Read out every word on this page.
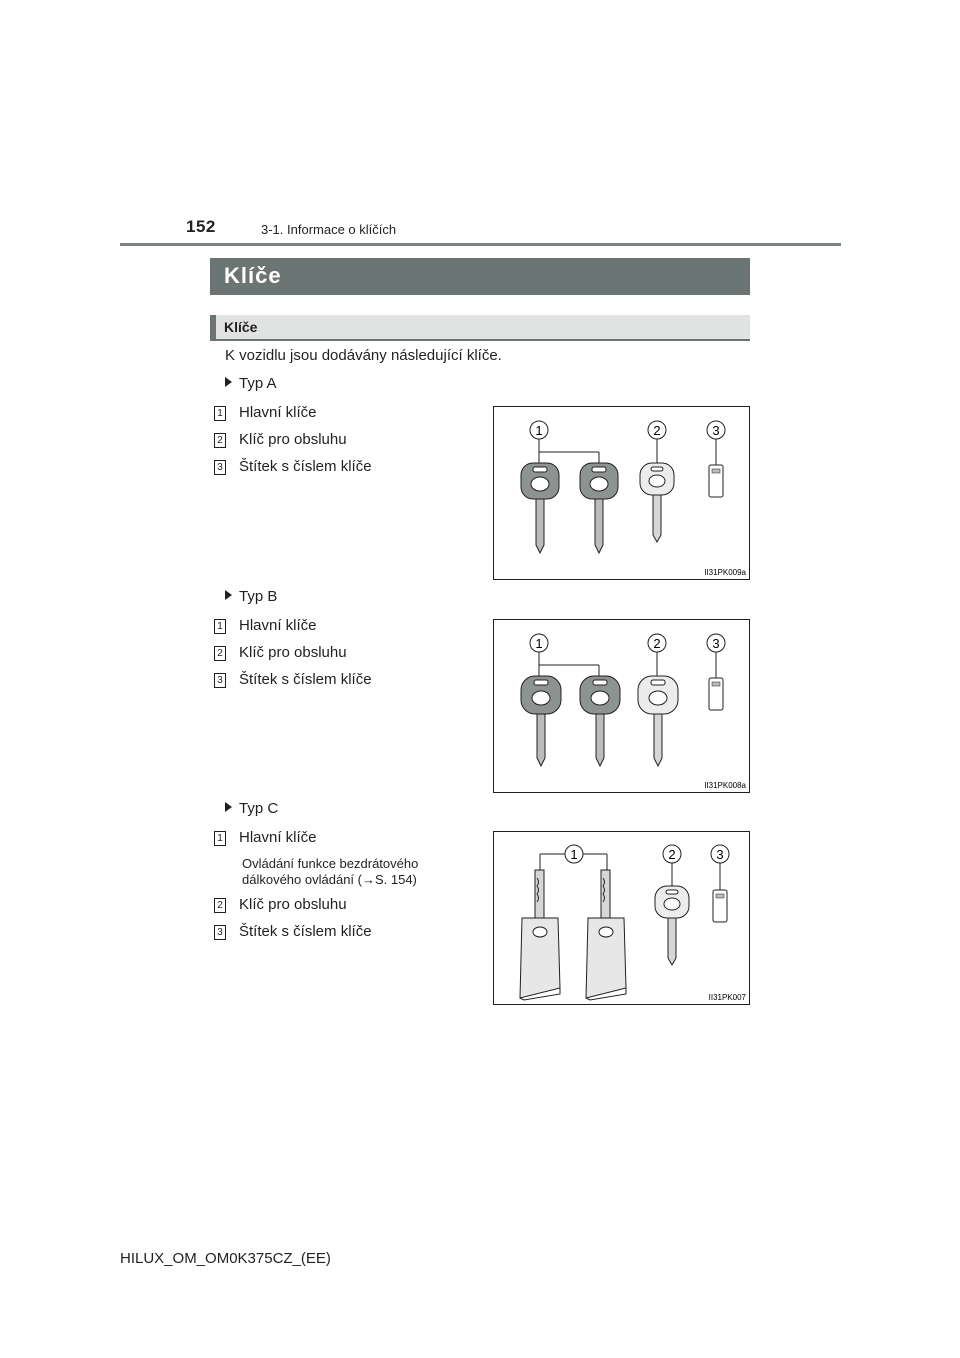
152	3-1. Informace o klíčích
Klíče
Klíče
K vozidlu jsou dodávány následující klíče.
Typ A
1 Hlavní klíče
2 Klíč pro obsluhu
3 Štítek s číslem klíče
1	2	3
II31PK009a
Typ B
1 Hlavní klíče
2 Klíč pro obsluhu
3 Štítek s číslem klíče
1	2	3
II31PK008a
Typ C
1 Hlavní klíče
Ovládání funkce bezdrátového
dálkového ovládání (→S. 154)
2 Klíč pro obsluhu
3 Štítek s číslem klíče
1	2	3
II31PK007
HILUX_OM_OM0K375CZ_(EE)
